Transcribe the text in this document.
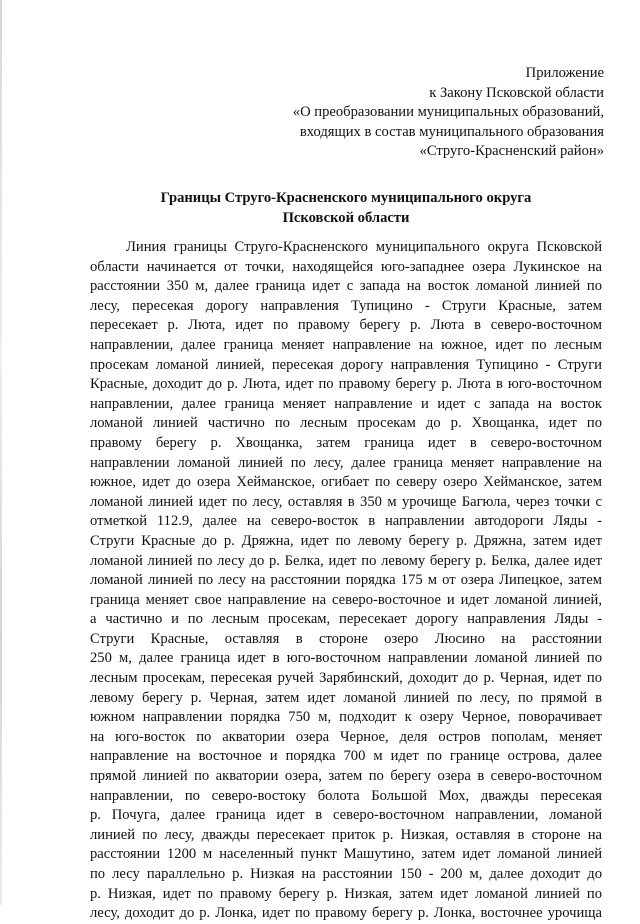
Приложение
к Закону Псковской области
«О преобразовании муниципальных образований,
входящих в состав муниципального образования
«Струго-Красненский район»
Границы Струго-Красненского муниципального округа
Псковской области
Линия границы Струго-Красненского муниципального округа Псковской
области начинается от точки, находящейся юго-западнее озера Лукинское на
расстоянии 350 м, далее граница идет с запада на восток ломаной линией по
лесу, пересекая дорогу направления Тупицино - Струги Красные, затем
пересекает р. Люта, идет по правому берегу р. Люта в северо-восточном
направлении, далее граница меняет направление на южное, идет по лесным
просекам ломаной линией, пересекая дорогу направления Тупицино - Струги
Красные, доходит до р. Люта, идет по правому берегу р. Люта в юго-восточном
направлении, далее граница меняет направление и идет с запада на восток
ломаной линией частично по лесным просекам до р. Хвощанка, идет по
правому берегу р. Хвощанка, затем граница идет в северо-восточном
направлении ломаной линией по лесу, далее граница меняет направление на
южное, идет до озера Хейманское, огибает по северу озеро Хейманское, затем
ломаной линией идет по лесу, оставляя в 350 м урочище Багюла, через точки с
отметкой 112.9, далее на северо-восток в направлении автодороги Ляды -
Струги Красные до р. Дряжна, идет по левому берегу р. Дряжна, затем идет
ломаной линией по лесу до р. Белка, идет по левому берегу р. Белка, далее идет
ломаной линией по лесу на расстоянии порядка 175 м от озера Липецкое, затем
граница меняет свое направление на северо-восточное и идет ломаной линией,
а частично и по лесным просекам, пересекает дорогу направления Ляды -
Струги Красные, оставляя в стороне озеро Люсино на расстоянии
250 м, далее граница идет в юго-восточном направлении ломаной линией по
лесным просекам, пересекая ручей Зарябинский, доходит до р. Черная, идет по
левому берегу р. Черная, затем идет ломаной линией по лесу, по прямой в
южном направлении порядка 750 м, подходит к озеру Черное, поворачивает
на юго-восток по акватории озера Черное, деля остров пополам, меняет
направление на восточное и порядка 700 м идет по границе острова, далее
прямой линией по акватории озера, затем по берегу озера в северо-восточном
направлении, по северо-востоку болота Большой Мох, дважды пересекая
р. Почуга, далее граница идет в северо-восточном направлении, ломаной
линией по лесу, дважды пересекает приток р. Низкая, оставляя в стороне на
расстоянии 1200 м населенный пункт Машутино, затем идет ломаной линией
по лесу параллельно р. Низкая на расстоянии 150 - 200 м, далее доходит до
р. Низкая, идет по правому берегу р. Низкая, затем идет ломаной линией по
лесу, доходит до р. Лонка, идет по правому берегу р. Лонка, восточнее урочища
